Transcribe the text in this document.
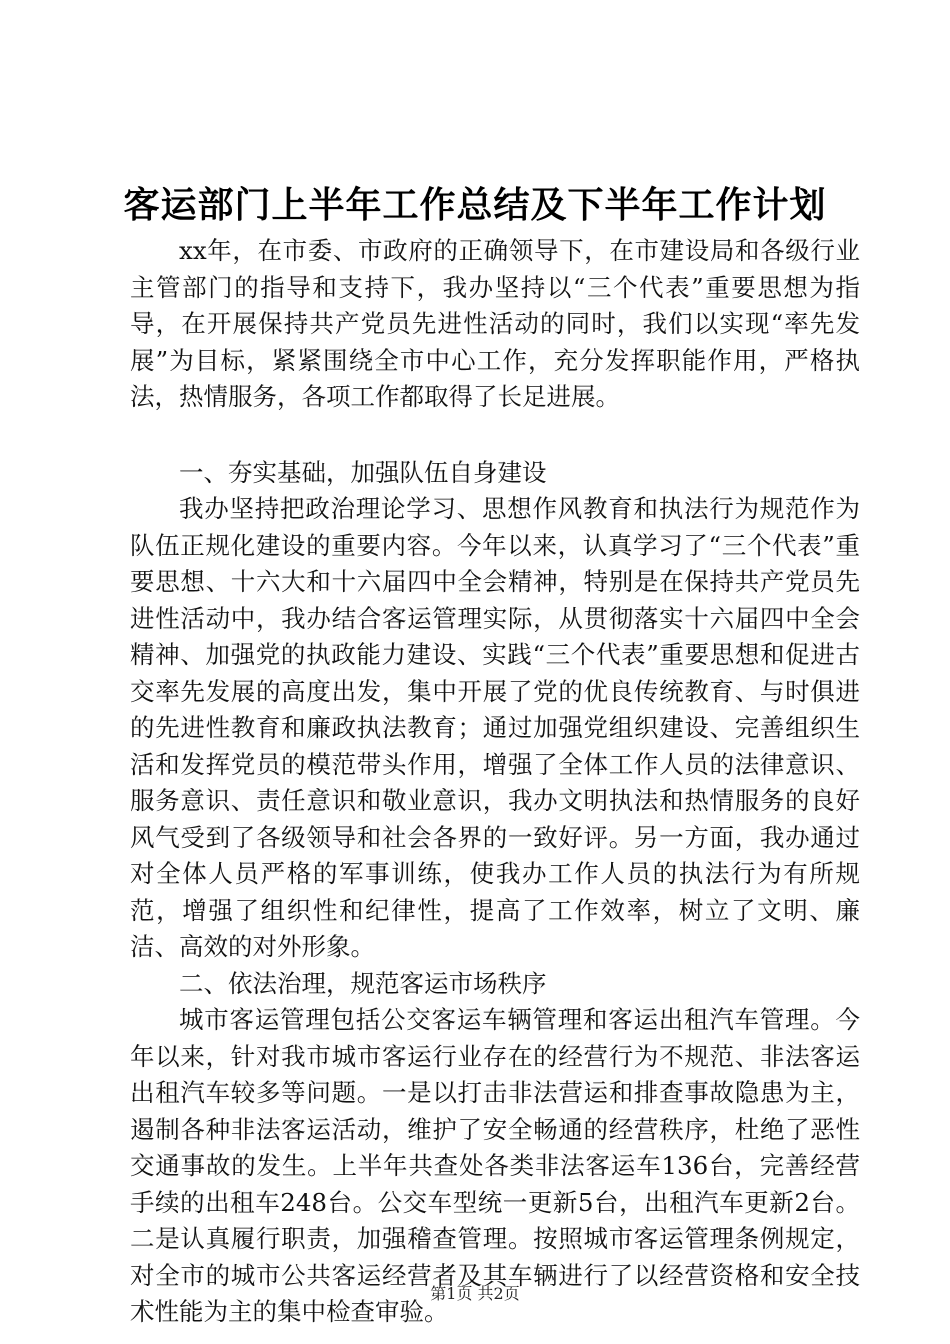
客运部门上半年工作总结及下半年工作计划

xx年，在市委、市政府的正确领导下，在市建设局和各级行业主管部门的指导和支持下，我办坚持以“三个代表”重要思想为指导，在开展保持共产党员先进性活动的同时，我们以实现“率先发展”为目标，紧紧围绕全市中心工作，充分发挥职能作用，严格执法，热情服务，各项工作都取得了长足进展。

一、夯实基础，加强队伍自身建设

我办坚持把政治理论学习、思想作风教育和执法行为规范作为队伍正规化建设的重要内容。今年以来，认真学习了“三个代表”重要思想、十六大和十六届四中全会精神，特别是在保持共产党员先进性活动中，我办结合客运管理实际，从贯彻落实十六届四中全会精神、加强党的执政能力建设、实践“三个代表”重要思想和促进古交率先发展的高度出发，集中开展了党的优良传统教育、与时俱进的先进性教育和廉政执法教育；通过加强党组织建设、完善组织生活和发挥党员的模范带头作用，增强了全体工作人员的法律意识、服务意识、责任意识和敬业意识，我办文明执法和热情服务的良好风气受到了各级领导和社会各界的一致好评。另一方面，我办通过对全体人员严格的军事训练，使我办工作人员的执法行为有所规范，增强了组织性和纪律性，提高了工作效率，树立了文明、廉洁、高效的对外形象。

二、依法治理，规范客运市场秩序

城市客运管理包括公交客运车辆管理和客运出租汽车管理。今年以来，针对我市城市客运行业存在的经营行为不规范、非法客运出租汽车较多等问题。一是以打击非法营运和排查事故隐患为主，遏制各种非法客运活动，维护了安全畅通的经营秩序，杜绝了恶性交通事故的发生。上半年共查处各类非法客运车136台，完善经营手续的出租车248台。公交车型统一更新5台，出租汽车更新2台。二是认真履行职责，加强稽查管理。按照城市客运管理条例规定，对全市的城市公共客运经营者及其车辆进行了以经营资格和安全技术性能为主的集中检查审验。

第1页 共2页
